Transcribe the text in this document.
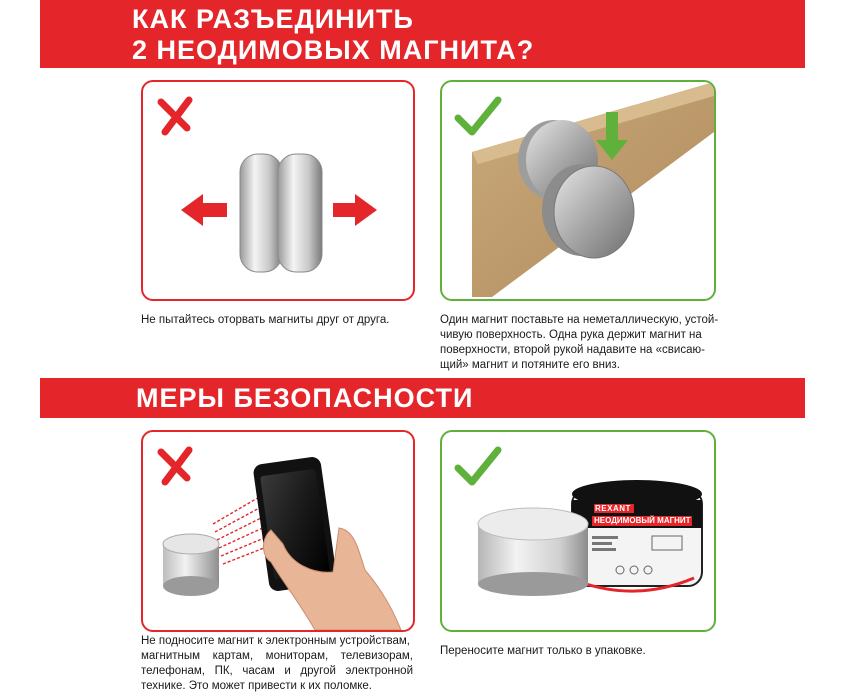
КАК РАЗЪЕДИНИТЬ
2 НЕОДИМОВЫХ МАГНИТА?
Не пытайтесь оторвать магниты друг от друга.	Один магнит поставьте на неметаллическую, устой-
чивую поверхность. Одна рука держит магнит на
поверхности, второй рукой надавите на «свисаю-
щий» магнит и потяните его вниз.
МЕРЫ БЕЗОПАСНОСТИ
Не подносите магнит к электронным устройствам,
магнитным картам, мониторам, телевизорам,
телефонам, ПК, часам и другой электронной
технике. Это может привести к их поломке.
REXANT
НЕОДИМОВЫЙ МАГНИТ
Переносите магнит только в упаковке.
